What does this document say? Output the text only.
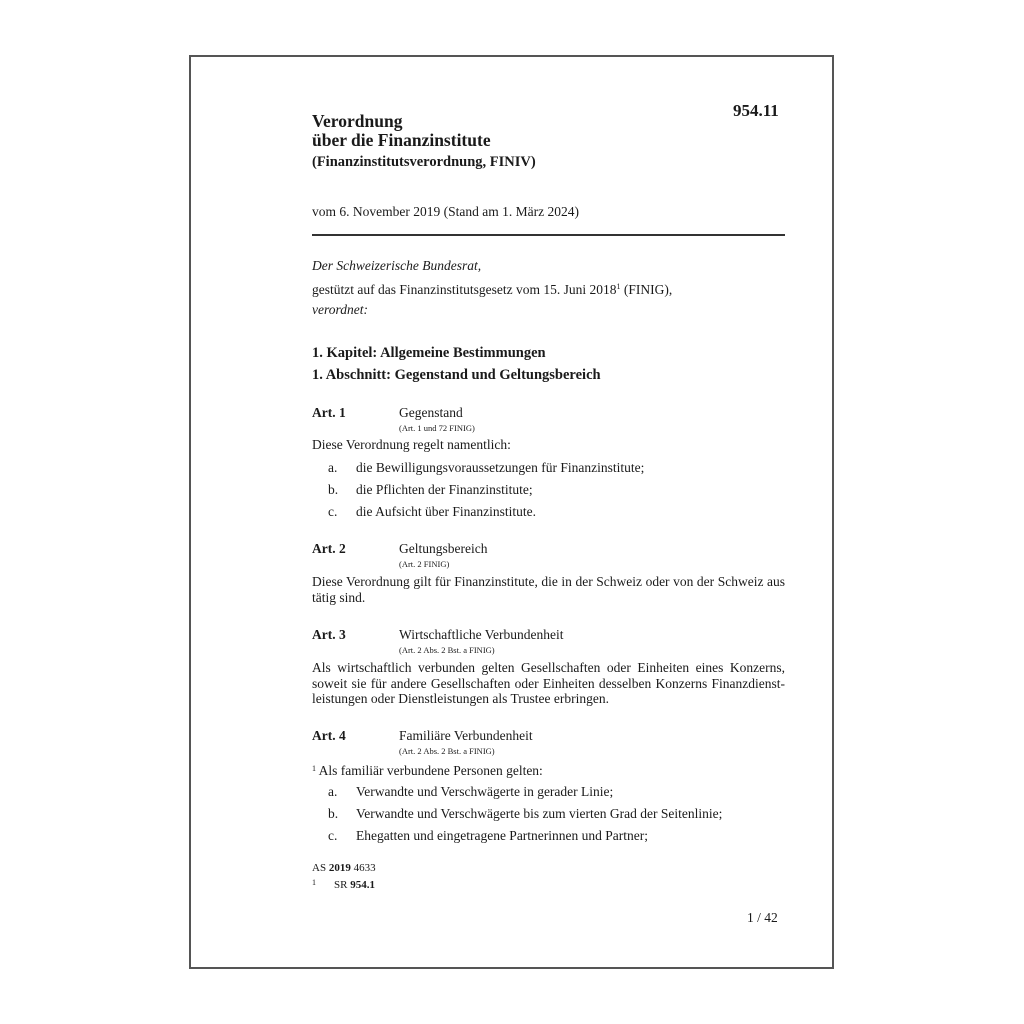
954.11
Verordnung
über die Finanzinstitute
(Finanzinstitutsverordnung, FINIV)
vom 6. November 2019 (Stand am 1. März 2024)
Der Schweizerische Bundesrat,
gestützt auf das Finanzinstitutsgesetz vom 15. Juni 2018$^1$ (FINIG),
verordnet:
1. Kapitel: Allgemeine Bestimmungen
1. Abschnitt: Gegenstand und Geltungsbereich
Art. 1	Gegenstand
(Art. 1 und 72 FINIG)
Diese Verordnung regelt namentlich:
a. die Bewilligungsvoraussetzungen für Finanzinstitute;
b. die Pflichten der Finanzinstitute;
c. die Aufsicht über Finanzinstitute.
Art. 2	Geltungsbereich
(Art. 2 FINIG)
Diese Verordnung gilt für Finanzinstitute, die in der Schweiz oder von der Schweiz aus tätig sind.
Art. 3	Wirtschaftliche Verbundenheit
(Art. 2 Abs. 2 Bst. a FINIG)
Als wirtschaftlich verbunden gelten Gesellschaften oder Einheiten eines Konzerns, soweit sie für andere Gesellschaften oder Einheiten desselben Konzerns Finanzdienst-leistungen oder Dienstleistungen als Trustee erbringen.
Art. 4	Familiäre Verbundenheit
(Art. 2 Abs. 2 Bst. a FINIG)
$^1$ Als familiär verbundene Personen gelten:
a. Verwandte und Verschwägerte in gerader Linie;
b. Verwandte und Verschwägerte bis zum vierten Grad der Seitenlinie;
c. Ehegatten und eingetragene Partnerinnen und Partner;
AS 2019 4633
$^1$ SR 954.1
1 / 42
